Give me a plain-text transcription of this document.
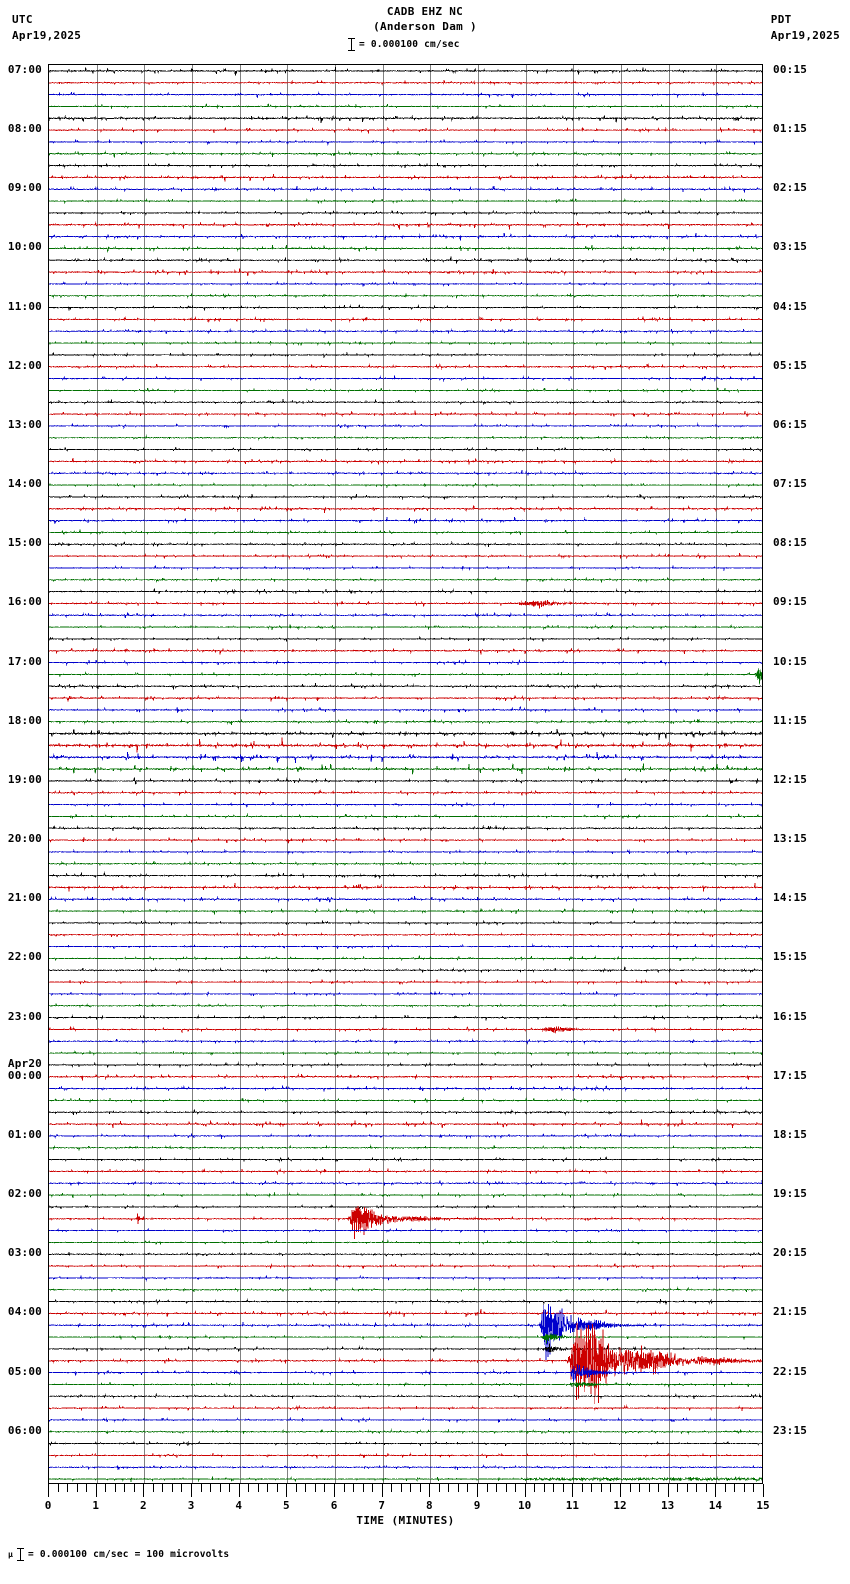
UTC
Apr19,2025
CADB EHZ NC
(Anderson Dam )
= 0.000100 cm/sec
PDT
Apr19,2025
07:00
08:00
09:00
10:00
11:00
12:00
13:00
14:00
15:00
16:00
17:00
18:00
19:00
20:00
21:00
22:00
23:00
00:00
01:00
02:00
03:00
04:00
05:00
06:00
Apr20
00:15
01:15
02:15
03:15
04:15
05:15
06:15
07:15
08:15
09:15
10:15
11:15
12:15
13:15
14:15
15:15
16:15
17:15
18:15
19:15
20:15
21:15
22:15
23:15
0	1	2	3	4	5	6	7	8	9	10	11	12	13	14	15
TIME (MINUTES)
μ = 0.000100 cm/sec = 100 microvolts
